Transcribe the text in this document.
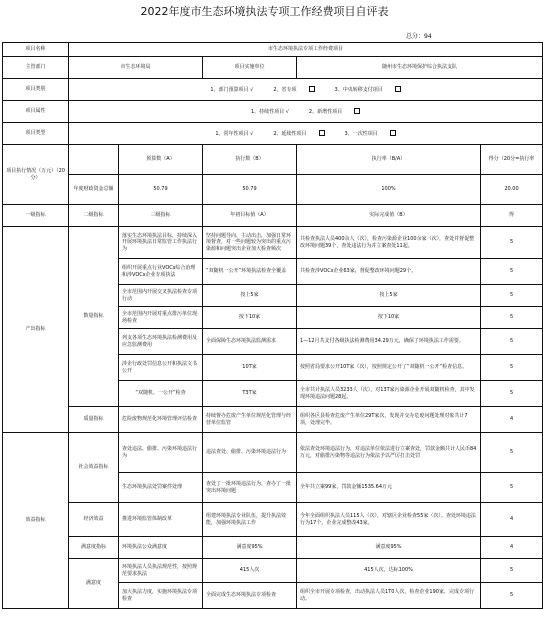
2022年度市生态环境执法专项工作经费项目自评表
总分：94
项目名称	市生态环境执法专项工作经费项目				
主管部门	市生态环境局		项目实施单位	随州市生态环境保护综合执法支队	
项目类别	1、部门預算项目 √ 2、省专项 3、中央转移支付项目				
项目属性	1、持续性项目 √ 2、新增性项目				
项目类型	1、常年性项目 √ 2、延续性项目 3、一次性项目				
项目执行情况（万元）（20分）		预算数（A）	执行数（B）	执行率（B/A）	得分（20分=执行率
	年度财政资金总额	50.79	50.79	100%	20.00
一级指标	二级指标	三级指标	年初目标值（A）	实际完成值（B）	得
产出指标	数量指标	落实生态环境执法目标，持续深入开展环境执法日常监管工作执法行为	坚持问题导向、主动出击，加强日常环境督查，对一些问题较为突出的重点污染源和问题突出企业加大检查频次	共检查执法人员400余人（次），检查污染源企业100余家（次），查处并督促整改环境问题39个，查处违法行为并立案查处11起。	5
		组织开展重点行业VOCs综合治理和涉VOCs企业专项执法	“双随机一公开”环境执法检查全覆盖	共检查涉VOCs企业63家，督促整改环境问题29个。	5
		全市范围内开展交叉执法检查专项行动	按上5家	按上5家	5
		全市范围内开展对重点排污单位现场检查	按下10家	按下10家	5
		列支各项生态环境执法检测费用及应急监测费用	全面保障生态环境执法监测需求	1—12月共支付各级执法检测费用34.29万元，确保了环境执法工作需要。	5
		涉企行政处罚信息公开和执法文书公开	10T家	按照省局要求公开10T家（次），按照规定公开了“双随机一公开”检查信息。	5
		“双随机、一公开”检查	T3T家	全市共计执法人员3233人（次），对13T家污染源企业开展双随机检查，其中发现环境违法问题28起。	5
	质量指标	危险废物规范化环境管理评估检查	持续督办危废产生单位规范化管理与经营单位监管	组织各区县检查危废产生单位29T家次，发现并交办危废问题处理对象共计7项，处理完毕。	4
效益指标	社会效益指标	查处违法、偷排、污染环境违法行为	违法查处、偷排、污染环境违法行为	依法查处环境违法行为，对违法单位依法进行立案查处，罚款金额共计人民币84万元，对偷排污染物等违法行为依法予以严厉打击处罚	5
		生态环境执法处罚案件处理	查处了一批环境违法行为，查办了一批突出环境问题	全年共立案99家，罚款金额1535.64万元	5
	经济效益	推进环境监管体制改革	组建环境执法专业队伍，提升执法效能，加强环境执法工作	今年全面组织执法人员115人（次），对辖区企业检查55家（次）。查处环境违法行为17个，企业完成整改43家。	4
	满意度指标	环境执法公众满意度	满意度95%	满意度95%	4
	满意度	环境执法人员执法规范性，按照规范要求执法	415人次	415人次，达标100%	5
		加大执法力度，实施环境执法专项检查	全面完成生态环境执法专项检查	组织全市开展专项检查，出动执法人员1T0人次，检查企业190家，完成专项行动。	5
